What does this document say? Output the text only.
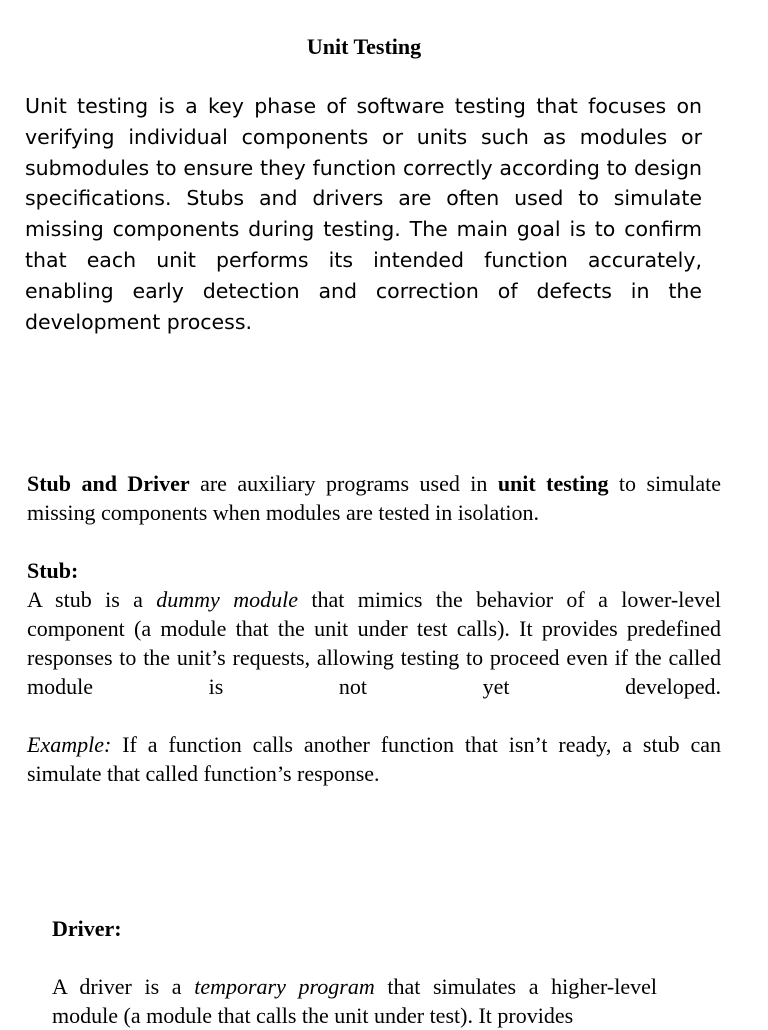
Unit Testing

Unit testing is a key phase of software testing that focuses on verifying individual components or units such as modules or submodules to ensure they function correctly according to design specifications. Stubs and drivers are often used to simulate missing components during testing. The main goal is to confirm that each unit performs its intended function accurately, enabling early detection and correction of defects in the development process.

Stub and Driver are auxiliary programs used in unit testing to simulate missing components when modules are tested in isolation.

Stub:

A stub is a dummy module that mimics the behavior of a lower-level component (a module that the unit under test calls). It provides predefined responses to the unit’s requests, allowing testing to proceed even if the called module is not yet developed.

Example: If a function calls another function that isn’t ready, a stub can simulate that called function’s response.

Driver:

A driver is a temporary program that simulates a higher-level module (a module that calls the unit under test). It provides
